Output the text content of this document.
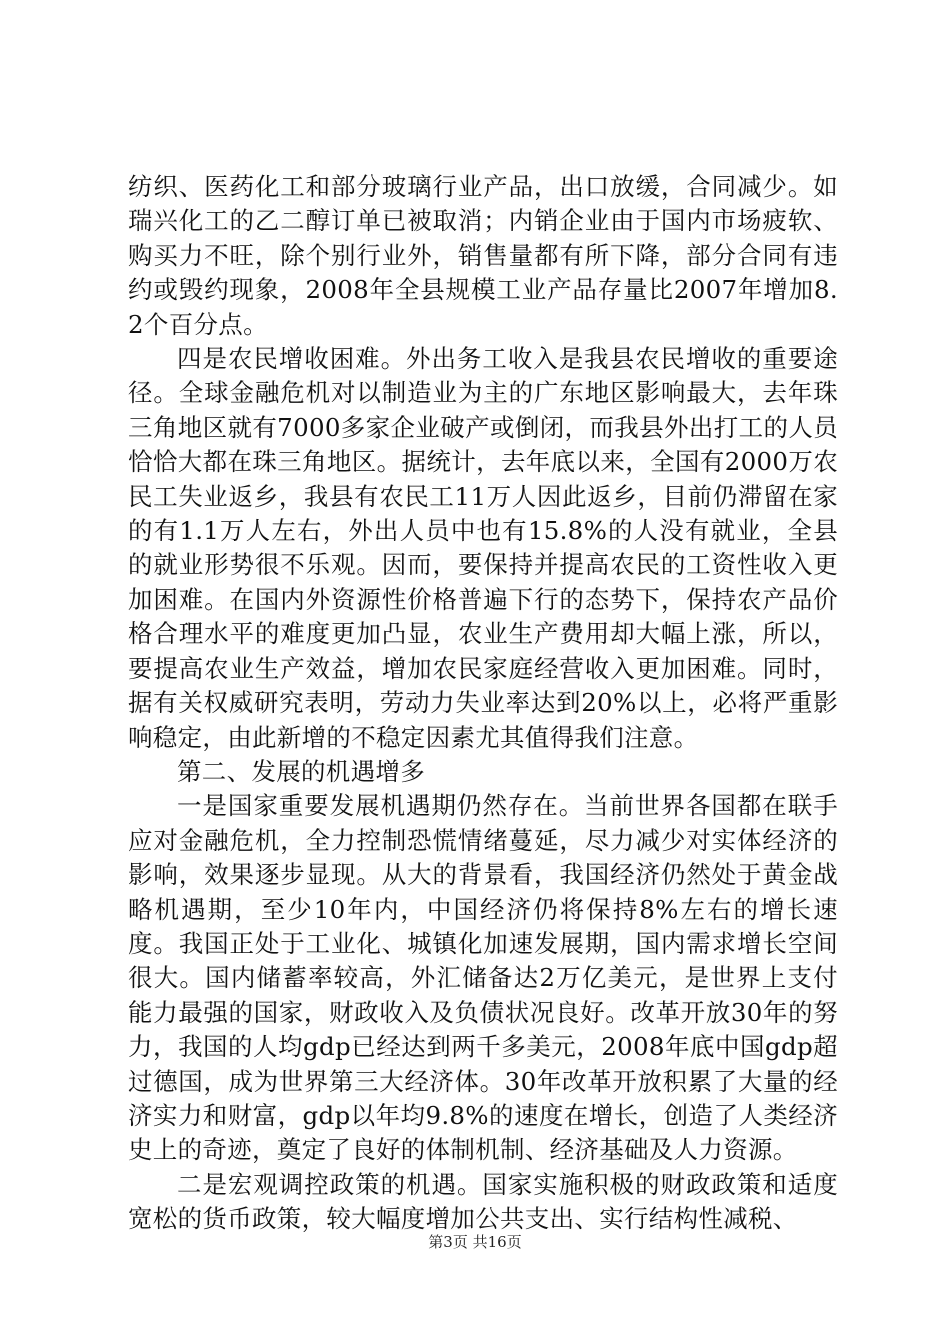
纺织、医药化工和部分玻璃行业产品，出口放缓，合同减少。如瑞兴化工的乙二醇订单已被取消；内销企业由于国内市场疲软、购买力不旺，除个别行业外，销售量都有所下降，部分合同有违约或毁约现象，2008年全县规模工业产品存量比2007年增加8.2个百分点。

四是农民增收困难。外出务工收入是我县农民增收的重要途径。全球金融危机对以制造业为主的广东地区影响最大，去年珠三角地区就有7000多家企业破产或倒闭，而我县外出打工的人员恰恰大都在珠三角地区。据统计，去年底以来，全国有2000万农民工失业返乡，我县有农民工11万人因此返乡，目前仍滞留在家的有1.1万人左右，外出人员中也有15.8%的人没有就业，全县的就业形势很不乐观。因而，要保持并提高农民的工资性收入更加困难。在国内外资源性价格普遍下行的态势下，保持农产品价格合理水平的难度更加凸显，农业生产费用却大幅上涨，所以，要提高农业生产效益，增加农民家庭经营收入更加困难。同时，据有关权威研究表明，劳动力失业率达到20%以上，必将严重影响稳定，由此新增的不稳定因素尤其值得我们注意。

第二、发展的机遇增多

一是国家重要发展机遇期仍然存在。当前世界各国都在联手应对金融危机，全力控制恐慌情绪蔓延，尽力减少对实体经济的影响，效果逐步显现。从大的背景看，我国经济仍然处于黄金战略机遇期，至少10年内，中国经济仍将保持8%左右的增长速度。我国正处于工业化、城镇化加速发展期，国内需求增长空间很大。国内储蓄率较高，外汇储备达2万亿美元，是世界上支付能力最强的国家，财政收入及负债状况良好。改革开放30年的努力，我国的人均gdp已经达到两千多美元，2008年底中国gdp超过德国，成为世界第三大经济体。30年改革开放积累了大量的经济实力和财富，gdp以年均9.8%的速度在增长，创造了人类经济史上的奇迹，奠定了良好的体制机制、经济基础及人力资源。

二是宏观调控政策的机遇。国家实施积极的财政政策和适度宽松的货币政策，较大幅度增加公共支出、实行结构性减税、

第3页 共16页
